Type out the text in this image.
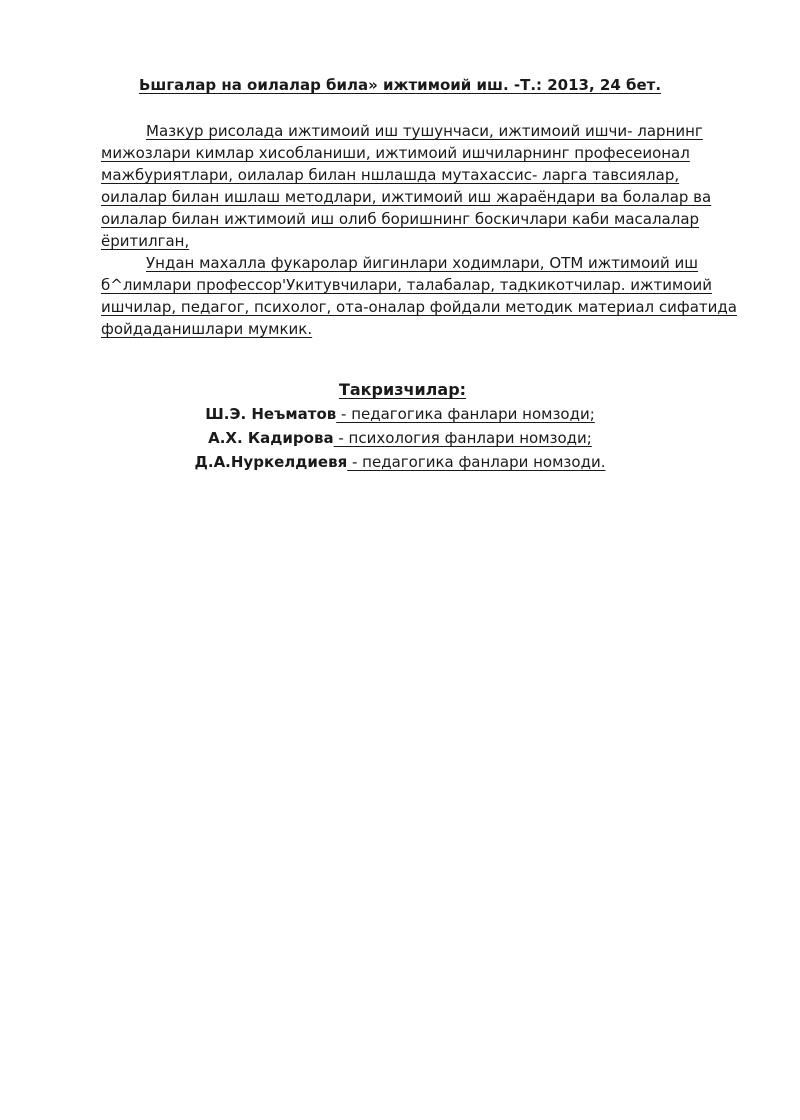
Ьшгалар на оилалар била» ижтимоий иш. -Т.: 2013, 24 бет.
Мазкур рисолада ижтимоий иш тушунчаси, ижтимоий ишчи- ларнинг
мижозлари кимлар хисобланиши, ижтимоий ишчиларнинг професеионал
мажбуриятлари, оилалар билан ншлашда мутахассис- ларга тавсиялар,
оилалар билан ишлаш методлари, ижтимоий иш жараёндари ва болалар ва
оилалар билан ижтимоий иш олиб боришнинг боскичлари каби масалалар
ёритилган,
Ундан махалла фукаролар йигинлари ходимлари, ОТМ ижтимоий иш
б^лимлари профессор'Укитувчилари, талабалар, тадкикотчилар. ижтимоий
ишчилар, педагог, психолог, ота-оналар фойдали методик материал сифатида
фойдаданишлари мумкик.
Такризчилар:
Ш.Э. Неъматов - педагогика фанлари номзоди;
А.Х. Кадирова - психология фанлари номзоди;
Д.А.Нуркелдиевя - педагогика фанлари номзоди.
